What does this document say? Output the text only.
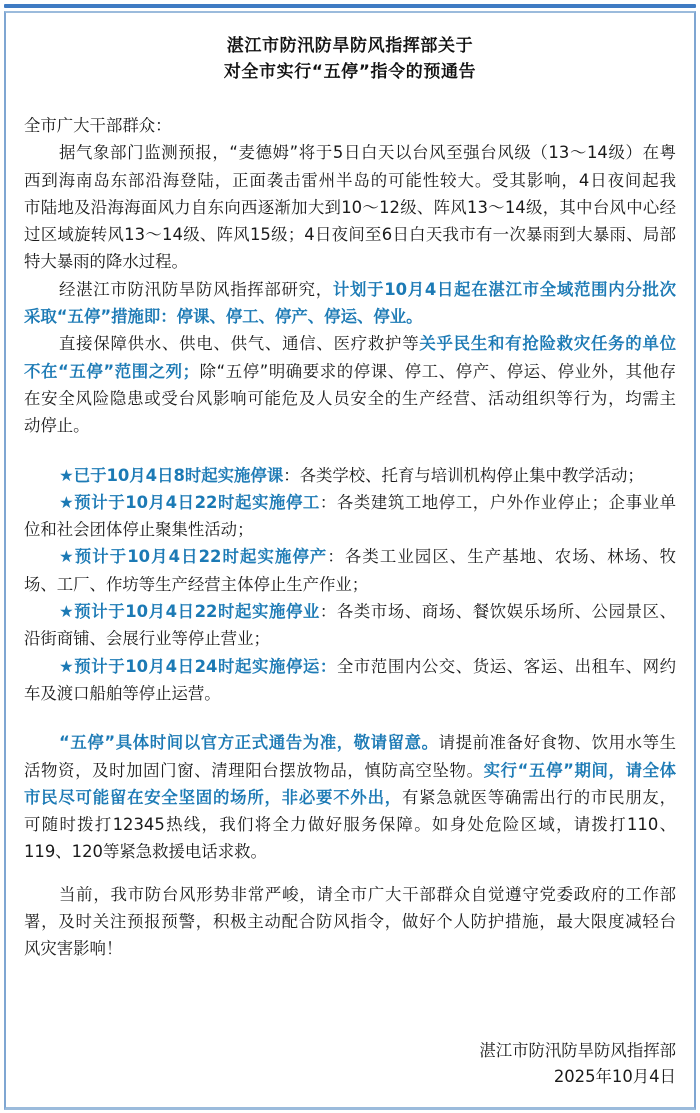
湛江市防汛防旱防风指挥部关于
对全市实行“五停”指令的预通告
全市广大干部群众：
据气象部门监测预报，“麦德姆”将于5日白天以台风至强台风级（13～14级）在粤
西到海南岛东部沿海登陆，正面袭击雷州半岛的可能性较大。受其影响，4日夜间起我
市陆地及沿海海面风力自东向西逐渐加大到10～12级、阵风13～14级，其中台风中心经
过区域旋转风13～14级、阵风15级；4日夜间至6日白天我市有一次暴雨到大暴雨、局部
特大暴雨的降水过程。
经湛江市防汛防旱防风指挥部研究，计划于10月4日起在湛江市全域范围内分批次
采取“五停”措施即：停课、停工、停产、停运、停业。
直接保障供水、供电、供气、通信、医疗救护等关乎民生和有抢险救灾任务的单位
不在“五停”范围之列；除“五停”明确要求的停课、停工、停产、停运、停业外，其他存
在安全风险隐患或受台风影响可能危及人员安全的生产经营、活动组织等行为，均需主
动停止。
★已于10月4日8时起实施停课：各类学校、托育与培训机构停止集中教学活动；
★预计于10月4日22时起实施停工：各类建筑工地停工，户外作业停止；企事业单
位和社会团体停止聚集性活动；
★预计于10月4日22时起实施停产：各类工业园区、生产基地、农场、林场、牧
场、工厂、作坊等生产经营主体停止生产作业；
★预计于10月4日22时起实施停业：各类市场、商场、餐饮娱乐场所、公园景区、
沿街商铺、会展行业等停止营业；
★预计于10月4日24时起实施停运：全市范围内公交、货运、客运、出租车、网约
车及渡口船舶等停止运营。
“五停”具体时间以官方正式通告为准，敬请留意。请提前准备好食物、饮用水等生
活物资，及时加固门窗、清理阳台摆放物品，慎防高空坠物。实行“五停”期间，请全体
市民尽可能留在安全坚固的场所，非必要不外出，有紧急就医等确需出行的市民朋友，
可随时拨打12345热线，我们将全力做好服务保障。如身处危险区域，请拨打110、
119、120等紧急救援电话求救。
当前，我市防台风形势非常严峻，请全市广大干部群众自觉遵守党委政府的工作部
署，及时关注预报预警，积极主动配合防风指令，做好个人防护措施，最大限度减轻台
风灾害影响！
湛江市防汛防旱防风指挥部
2025年10月4日
